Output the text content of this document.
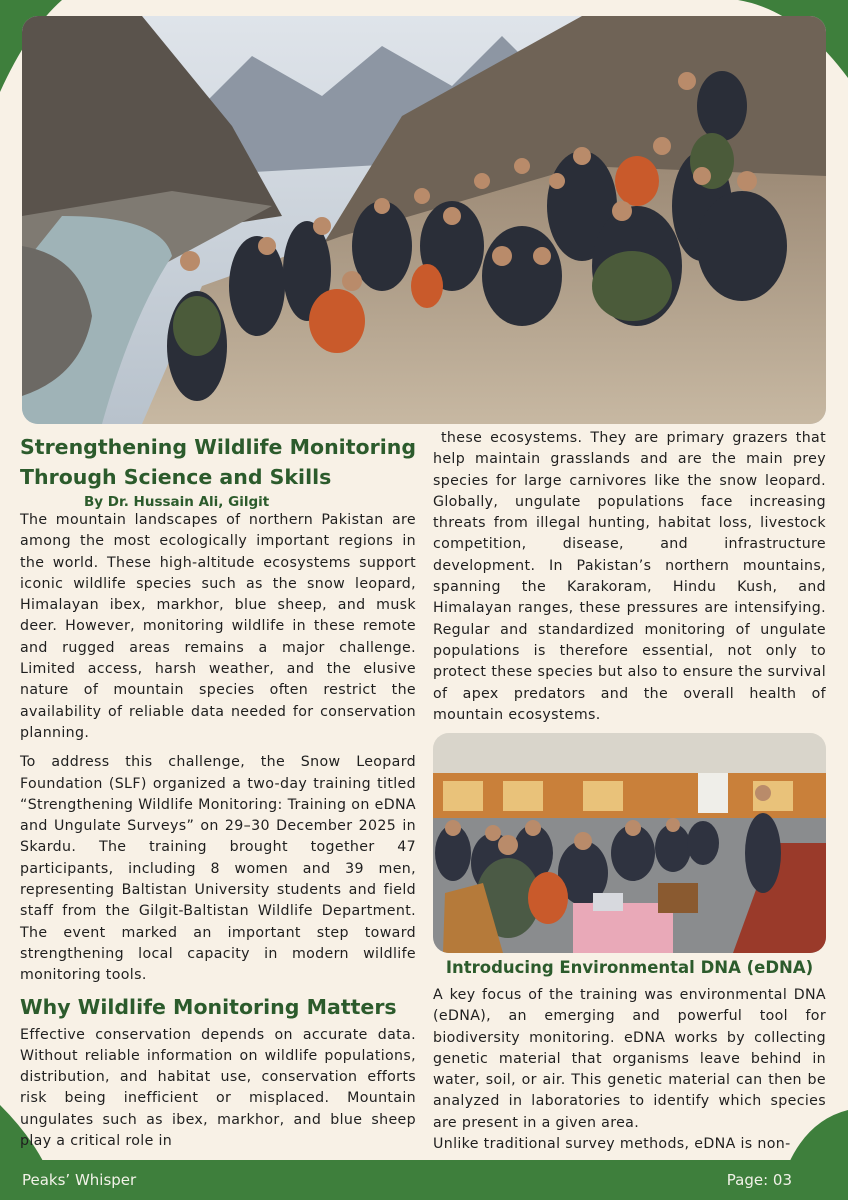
Strengthening Wildlife Monitoring Through Science and Skills
By Dr. Hussain Ali, Gilgit

The mountain landscapes of northern Pakistan are among the most ecologically important regions in the world. These high-altitude ecosystems support iconic wildlife species such as the snow leopard, Himalayan ibex, markhor, blue sheep, and musk deer. However, monitoring wildlife in these remote and rugged areas remains a major challenge. Limited access, harsh weather, and the elusive nature of mountain species often restrict the availability of reliable data needed for conservation planning.

To address this challenge, the Snow Leopard Foundation (SLF) organized a two-day training titled “Strengthening Wildlife Monitoring: Training on eDNA and Ungulate Surveys” on 29–30 December 2025 in Skardu. The training brought together 47 participants, including 8 women and 39 men, representing Baltistan University students and field staff from the Gilgit-Baltistan Wildlife Department. The event marked an important step toward strengthening local capacity in modern wildlife monitoring tools.

Why Wildlife Monitoring Matters

Effective conservation depends on accurate data. Without reliable information on wildlife populations, distribution, and habitat use, conservation efforts risk being inefficient or misplaced. Mountain ungulates such as ibex, markhor, and blue sheep play a critical role in

these ecosystems. They are primary grazers that help maintain grasslands and are the main prey species for large carnivores like the snow leopard. Globally, ungulate populations face increasing threats from illegal hunting, habitat loss, livestock competition, disease, and infrastructure development. In Pakistan’s northern mountains, spanning the Karakoram, Hindu Kush, and Himalayan ranges, these pressures are intensifying. Regular and standardized monitoring of ungulate populations is therefore essential, not only to protect these species but also to ensure the survival of apex predators and the overall health of mountain ecosystems.

Introducing Environmental DNA (eDNA)

A key focus of the training was environmental DNA (eDNA), an emerging and powerful tool for biodiversity monitoring. eDNA works by collecting genetic material that organisms leave behind in water, soil, or air. This genetic material can then be analyzed in laboratories to identify which species are present in a given area.

Unlike traditional survey methods, eDNA is non-

Peaks’ Whisper	Page: 03
